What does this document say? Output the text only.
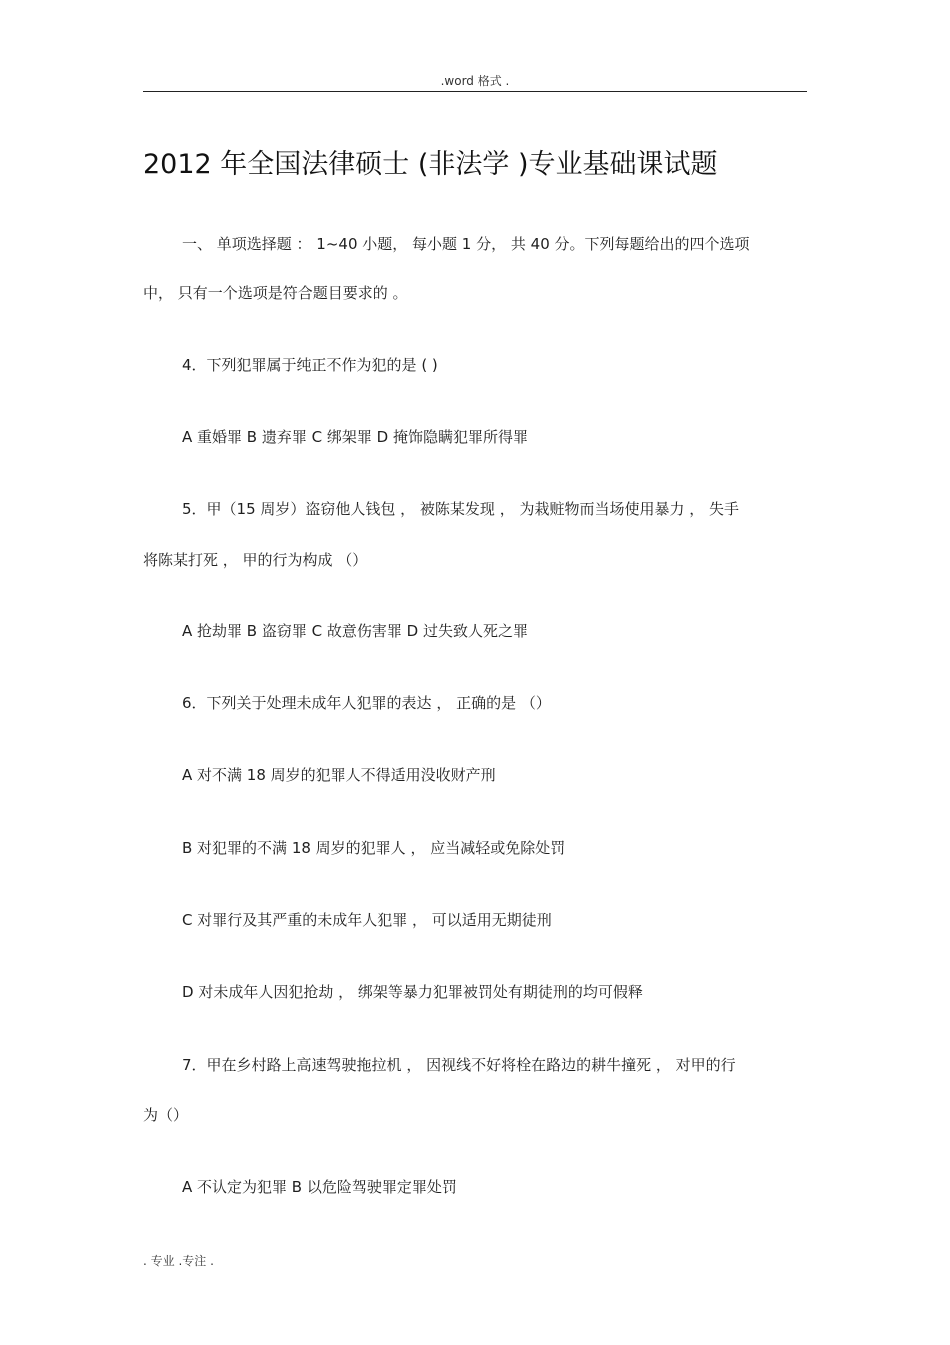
.word 格式 .
2012 年全国法律硕士 (非法学 )专业基础课试题
一、 单项选择题 ： 1~40 小题， 每小题 1 分， 共 40 分。下列每题给出的四个选项
中， 只有一个选项是符合题目要求的 。
4．下列犯罪属于纯正不作为犯的是 ( )
A 重婚罪 B 遗弃罪 C 绑架罪 D 掩饰隐瞒犯罪所得罪
5．甲（15 周岁）盗窃他人钱包 ， 被陈某发现 ， 为栽赃物而当场使用暴力 ， 失手
将陈某打死 ， 甲的行为构成 （）
A 抢劫罪 B 盗窃罪 C 故意伤害罪 D 过失致人死之罪
6．下列关于处理未成年人犯罪的表达 ， 正确的是 （）
A 对不满 18 周岁的犯罪人不得适用没收财产刑
B 对犯罪的不满 18 周岁的犯罪人 ， 应当减轻或免除处罚
C 对罪行及其严重的未成年人犯罪 ， 可以适用无期徒刑
D 对未成年人因犯抢劫 ， 绑架等暴力犯罪被罚处有期徒刑的均可假释
7．甲在乡村路上高速驾驶拖拉机 ， 因视线不好将栓在路边的耕牛撞死 ， 对甲的行
为（）
A 不认定为犯罪 B 以危险驾驶罪定罪处罚
. 专业 .专注 .
